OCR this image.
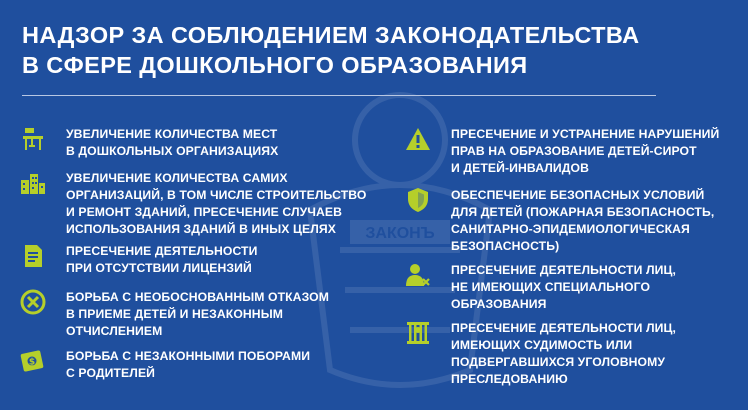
ЗАКОНЪ
НАДЗОР ЗА СОБЛЮДЕНИЕМ ЗАКОНОДАТЕЛЬСТВА
В СФЕРЕ ДОШКОЛЬНОГО ОБРАЗОВАНИЯ
УВЕЛИЧЕНИЕ КОЛИЧЕСТВА МЕСТ
В ДОШКОЛЬНЫХ ОРГАНИЗАЦИЯХ
УВЕЛИЧЕНИЕ КОЛИЧЕСТВА САМИХ
ОРГАНИЗАЦИЙ, В ТОМ ЧИСЛЕ СТРОИТЕЛЬСТВО
И РЕМОНТ ЗДАНИЙ, ПРЕСЕЧЕНИЕ СЛУЧАЕВ
ИСПОЛЬЗОВАНИЯ ЗДАНИЙ В ИНЫХ ЦЕЛЯХ
ПРЕСЕЧЕНИЕ ДЕЯТЕЛЬНОСТИ
ПРИ ОТСУТСТВИИ ЛИЦЕНЗИЙ
БОРЬБА С НЕОБОСНОВАННЫМ ОТКАЗОМ
В ПРИЕМЕ ДЕТЕЙ И НЕЗАКОННЫМ
ОТЧИСЛЕНИЕМ
$	БОРЬБА С НЕЗАКОННЫМИ ПОБОРАМИ
С РОДИТЕЛЕЙ
ПРЕСЕЧЕНИЕ И УСТРАНЕНИЕ НАРУШЕНИЙ
ПРАВ НА ОБРАЗОВАНИЕ ДЕТЕЙ-СИРОТ
И ДЕТЕЙ-ИНВАЛИДОВ
ОБЕСПЕЧЕНИЕ БЕЗОПАСНЫХ УСЛОВИЙ
ДЛЯ ДЕТЕЙ (ПОЖАРНАЯ БЕЗОПАСНОСТЬ,
САНИТАРНО-ЭПИДЕМИОЛОГИЧЕСКАЯ
БЕЗОПАСНОСТЬ)
ПРЕСЕЧЕНИЕ ДЕЯТЕЛЬНОСТИ ЛИЦ,
НЕ ИМЕЮЩИХ СПЕЦИАЛЬНОГО
ОБРАЗОВАНИЯ
ПРЕСЕЧЕНИЕ ДЕЯТЕЛЬНОСТИ ЛИЦ,
ИМЕЮЩИХ СУДИМОСТЬ ИЛИ
ПОДВЕРГАВШИХСЯ УГОЛОВНОМУ
ПРЕСЛЕДОВАНИЮ
